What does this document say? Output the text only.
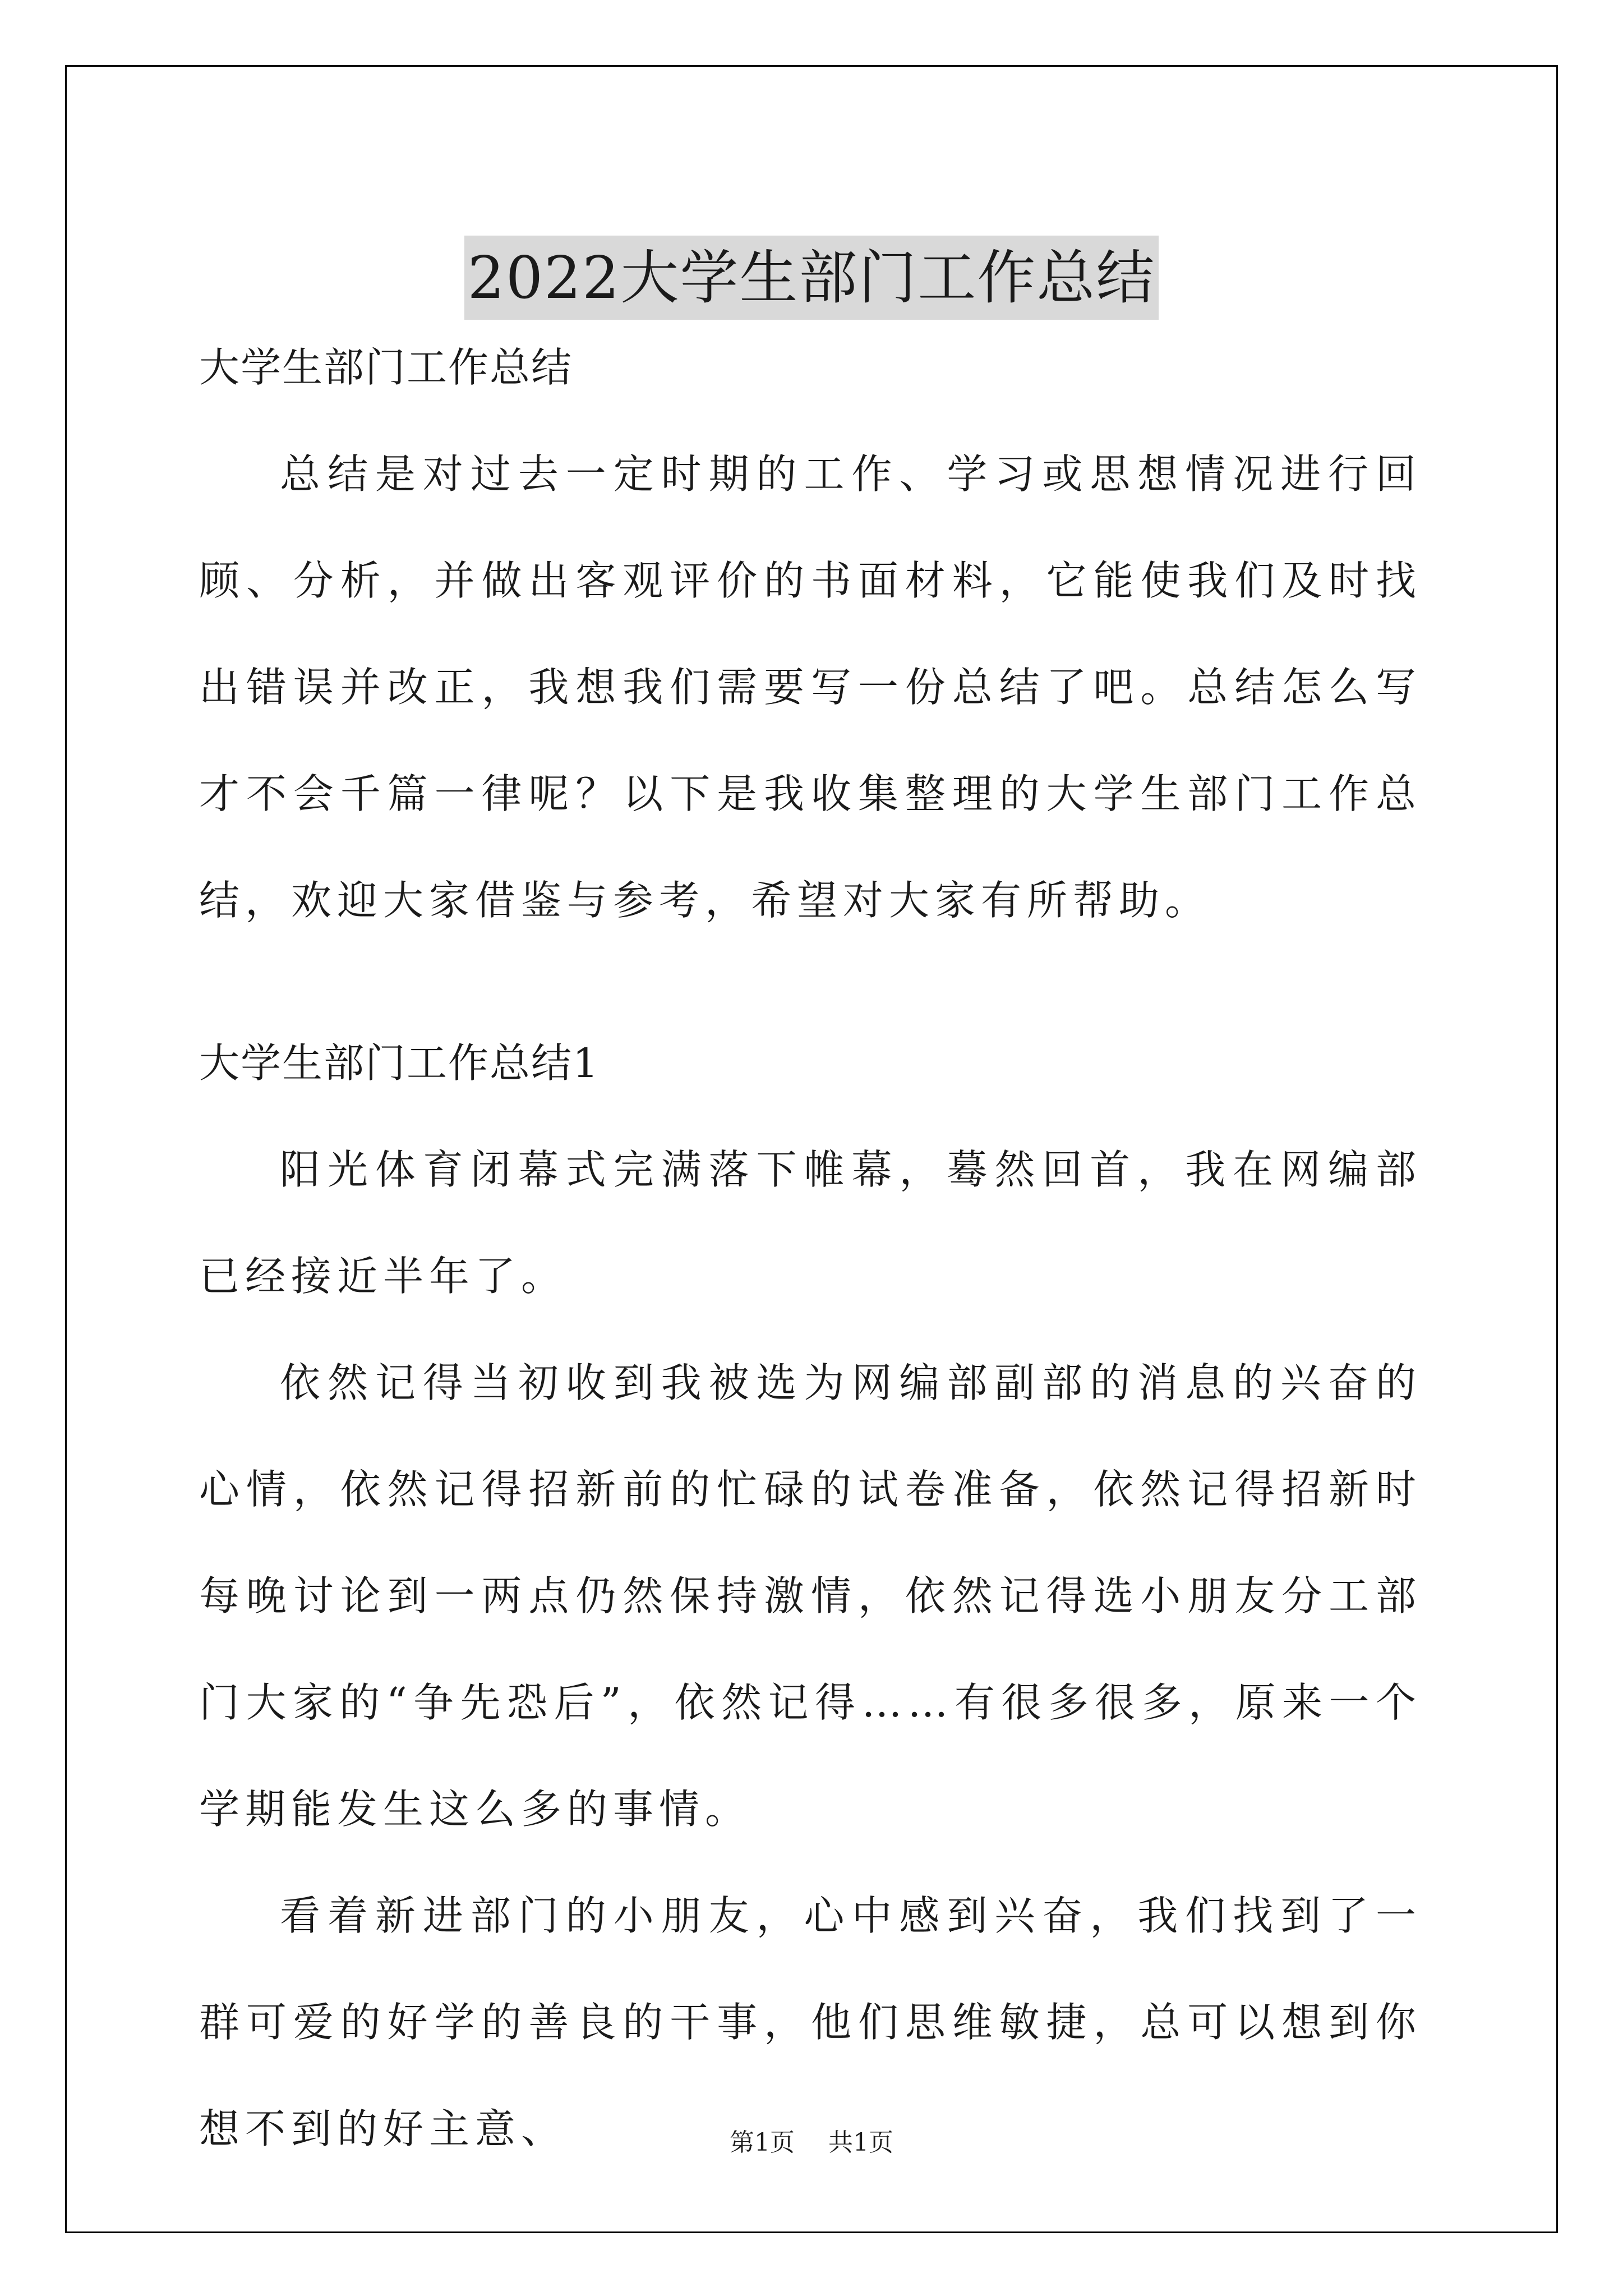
2022大学生部门工作总结
大学生部门工作总结

总结是对过去一定时期的工作、学习或思想情况进行回顾、分析，并做出客观评价的书面材料，它能使我们及时找出错误并改正，我想我们需要写一份总结了吧。总结怎么写才不会千篇一律呢？以下是我收集整理的大学生部门工作总结，欢迎大家借鉴与参考，希望对大家有所帮助。

大学生部门工作总结1

阳光体育闭幕式完满落下帷幕，蓦然回首，我在网编部已经接近半年了。

依然记得当初收到我被选为网编部副部的消息的兴奋的心情，依然记得招新前的忙碌的试卷准备，依然记得招新时每晚讨论到一两点仍然保持激情，依然记得选小朋友分工部门大家的“争先恐后”，依然记得……有很多很多，原来一个学期能发生这么多的事情。

看着新进部门的小朋友，心中感到兴奋，我们找到了一群可爱的好学的善良的干事，他们思维敏捷，总可以想到你想不到的好主意、	第1页 共1页
